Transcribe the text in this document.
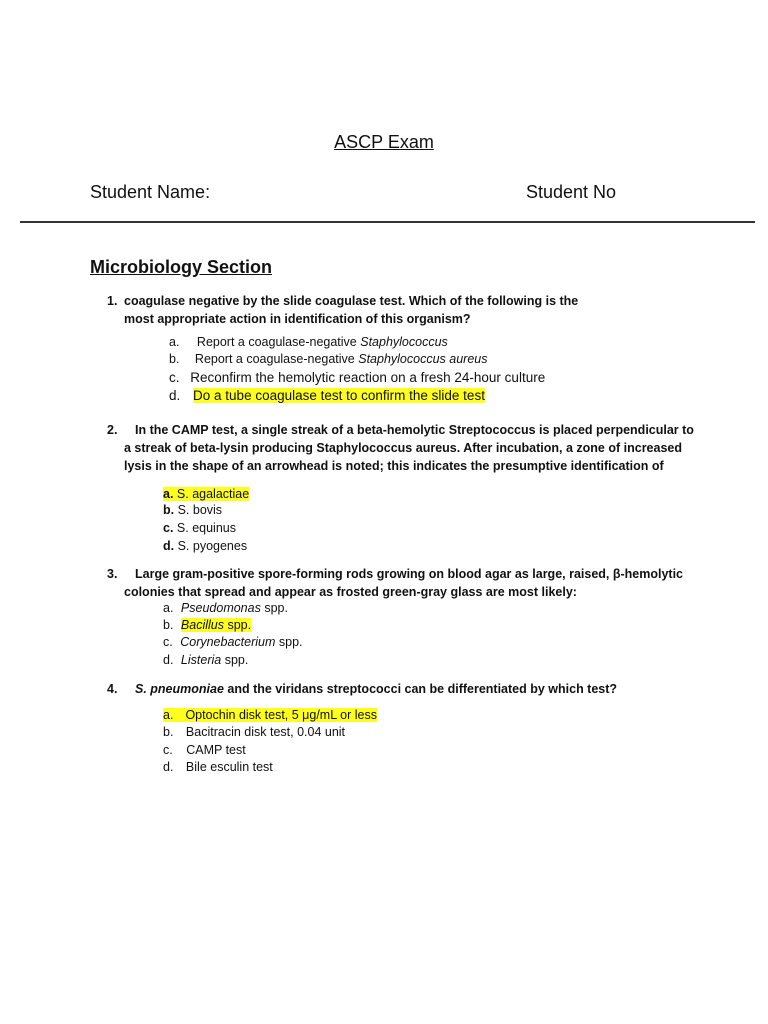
ASCP Exam
Student Name:	Student No
Microbiology Section
1. coagulase negative by the slide coagulase test. Which of the following is the
most appropriate action in identification of this organism?
a. Report a coagulase-negative Staphylococcus
b. Report a coagulase-negative Staphylococcus aureus
c. Reconfirm the hemolytic reaction on a fresh 24-hour culture
d. Do a tube coagulase test to confirm the slide test
2. In the CAMP test, a single streak of a beta-hemolytic Streptococcus is placed perpendicular to
a streak of beta-lysin producing Staphylococcus aureus. After incubation, a zone of increased
lysis in the shape of an arrowhead is noted; this indicates the presumptive identification of
a. S. agalactiae
b. S. bovis
c. S. equinus
d. S. pyogenes
3. Large gram-positive spore-forming rods growing on blood agar as large, raised, β-hemolytic
colonies that spread and appear as frosted green-gray glass are most likely:
a. Pseudomonas spp.
b. Bacillus spp.
c. Corynebacterium spp.
d. Listeria spp.
4. S. pneumoniae and the viridans streptococci can be differentiated by which test?
a. Optochin disk test, 5 μg/mL or less
b. Bacitracin disk test, 0.04 unit
c. CAMP test
d. Bile esculin test
